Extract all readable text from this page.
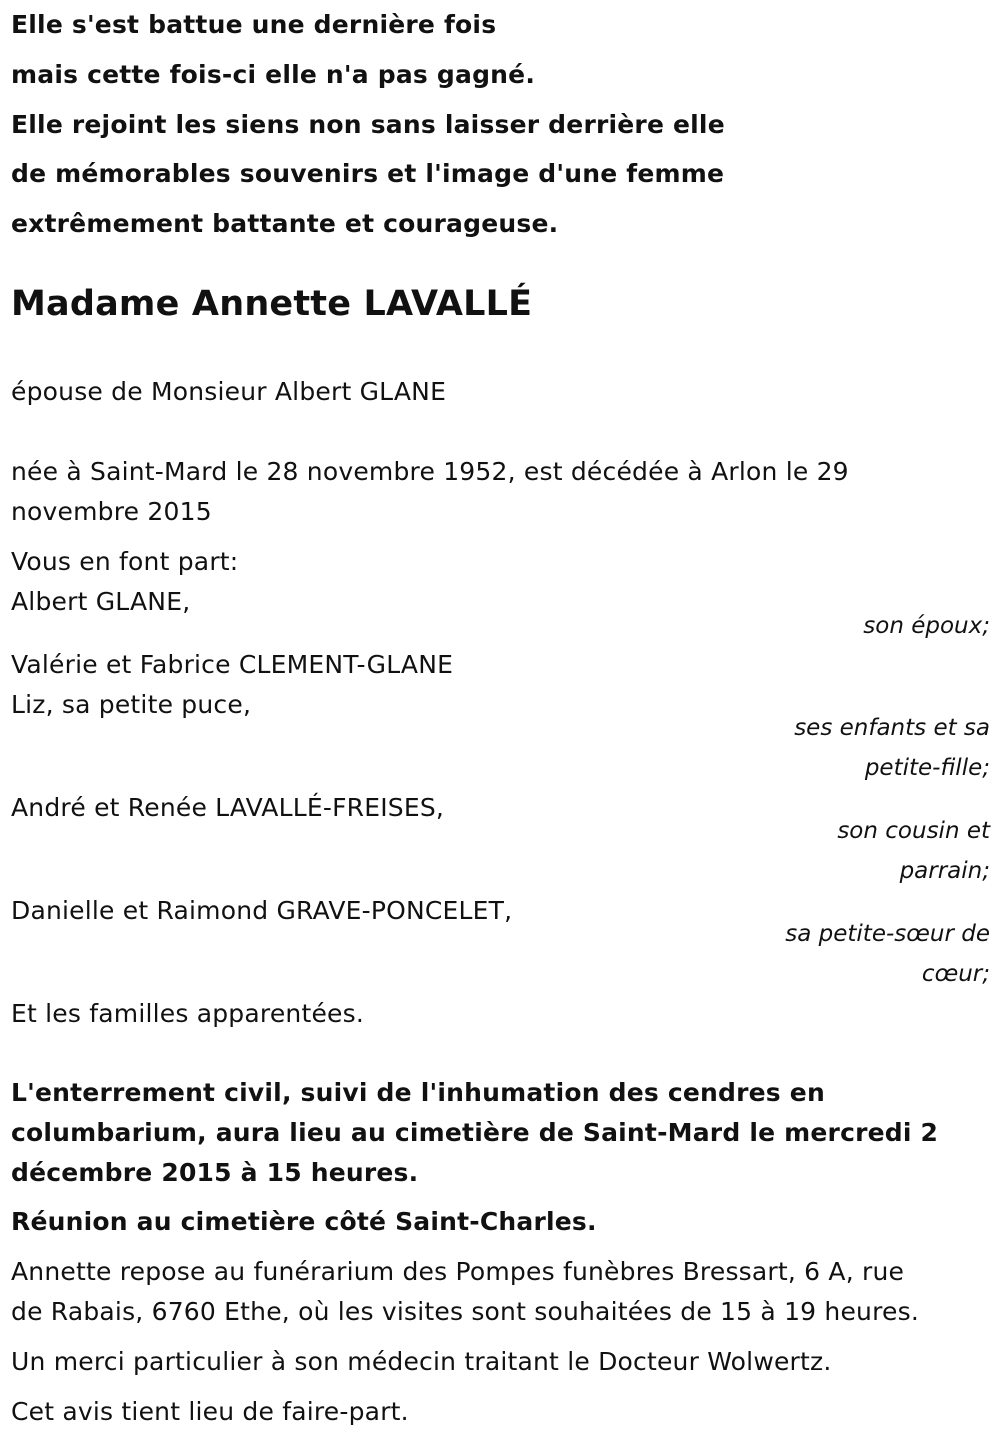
Elle s'est battue une dernière fois
mais cette fois-ci elle n'a pas gagné.
Elle rejoint les siens non sans laisser derrière elle
de mémorables souvenirs et l'image d'une femme
extrêmement battante et courageuse.
Madame Annette LAVALLÉ
épouse de Monsieur Albert GLANE
née à Saint-Mard le 28 novembre 1952, est décédée à Arlon le 29
novembre 2015
Vous en font part:
Albert GLANE,
son époux;
Valérie et Fabrice CLEMENT-GLANE
Liz, sa petite puce,
ses enfants et sa
petite-fille;
André et Renée LAVALLÉ-FREISES,
son cousin et
parrain;
Danielle et Raimond GRAVE-PONCELET,
sa petite-sœur de
cœur;
Et les familles apparentées.
L'enterrement civil, suivi de l'inhumation des cendres en
columbarium, aura lieu au cimetière de Saint-Mard le mercredi 2
décembre 2015 à 15 heures.
Réunion au cimetière côté Saint-Charles.
Annette repose au funérarium des Pompes funèbres Bressart, 6 A, rue
de Rabais, 6760 Ethe, où les visites sont souhaitées de 15 à 19 heures.
Un merci particulier à son médecin traitant le Docteur Wolwertz.
Cet avis tient lieu de faire-part.
